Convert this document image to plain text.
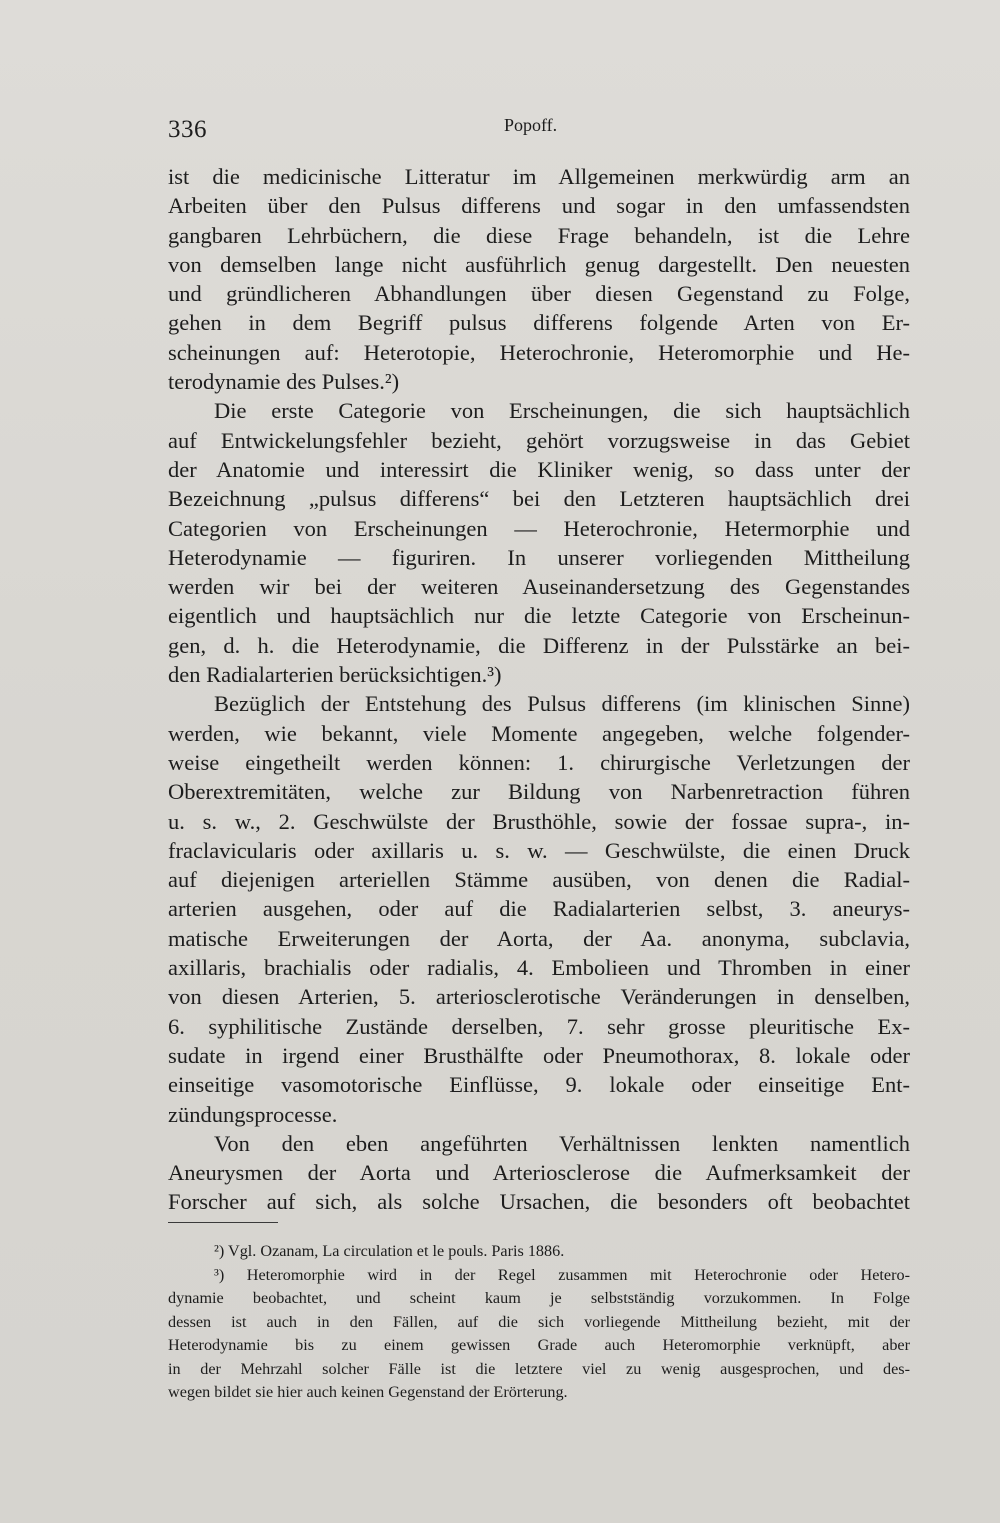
336	Popoff.
ist die medicinische Litteratur im Allgemeinen merkwürdig arm an
Arbeiten über den Pulsus differens und sogar in den umfassendsten
gangbaren Lehrbüchern, die diese Frage behandeln, ist die Lehre
von demselben lange nicht ausführlich genug dargestellt. Den neuesten
und gründlicheren Abhandlungen über diesen Gegenstand zu Folge,
gehen in dem Begriff pulsus differens folgende Arten von Er-
scheinungen auf: Heterotopie, Heterochronie, Heteromorphie und He-
terodynamie des Pulses.²)
Die erste Categorie von Erscheinungen, die sich hauptsächlich
auf Entwickelungsfehler bezieht, gehört vorzugsweise in das Gebiet
der Anatomie und interessirt die Kliniker wenig, so dass unter der
Bezeichnung „pulsus differens“ bei den Letzteren hauptsächlich drei
Categorien von Erscheinungen — Heterochronie, Hetermorphie und
Heterodynamie — figuriren. In unserer vorliegenden Mittheilung
werden wir bei der weiteren Auseinandersetzung des Gegenstandes
eigentlich und hauptsächlich nur die letzte Categorie von Erscheinun-
gen, d. h. die Heterodynamie, die Differenz in der Pulsstärke an bei-
den Radialarterien berücksichtigen.³)
Bezüglich der Entstehung des Pulsus differens (im klinischen Sinne)
werden, wie bekannt, viele Momente angegeben, welche folgender-
weise eingetheilt werden können: 1. chirurgische Verletzungen der
Oberextremitäten, welche zur Bildung von Narbenretraction führen
u. s. w., 2. Geschwülste der Brusthöhle, sowie der fossae supra-, in-
fraclavicularis oder axillaris u. s. w. — Geschwülste, die einen Druck
auf diejenigen arteriellen Stämme ausüben, von denen die Radial-
arterien ausgehen, oder auf die Radialarterien selbst, 3. aneurys-
matische Erweiterungen der Aorta, der Aa. anonyma, subclavia,
axillaris, brachialis oder radialis, 4. Embolieen und Thromben in einer
von diesen Arterien, 5. arteriosclerotische Veränderungen in denselben,
6. syphilitische Zustände derselben, 7. sehr grosse pleuritische Ex-
sudate in irgend einer Brusthälfte oder Pneumothorax, 8. lokale oder
einseitige vasomotorische Einflüsse, 9. lokale oder einseitige Ent-
zündungsprocesse.
Von den eben angeführten Verhältnissen lenkten namentlich
Aneurysmen der Aorta und Arteriosclerose die Aufmerksamkeit der
Forscher auf sich, als solche Ursachen, die besonders oft beobachtet
²) Vgl. Ozanam, La circulation et le pouls. Paris 1886.
³) Heteromorphie wird in der Regel zusammen mit Heterochronie oder Hetero-
dynamie beobachtet, und scheint kaum je selbstständig vorzukommen. In Folge
dessen ist auch in den Fällen, auf die sich vorliegende Mittheilung bezieht, mit der
Heterodynamie bis zu einem gewissen Grade auch Heteromorphie verknüpft, aber
in der Mehrzahl solcher Fälle ist die letztere viel zu wenig ausgesprochen, und des-
wegen bildet sie hier auch keinen Gegenstand der Erörterung.
